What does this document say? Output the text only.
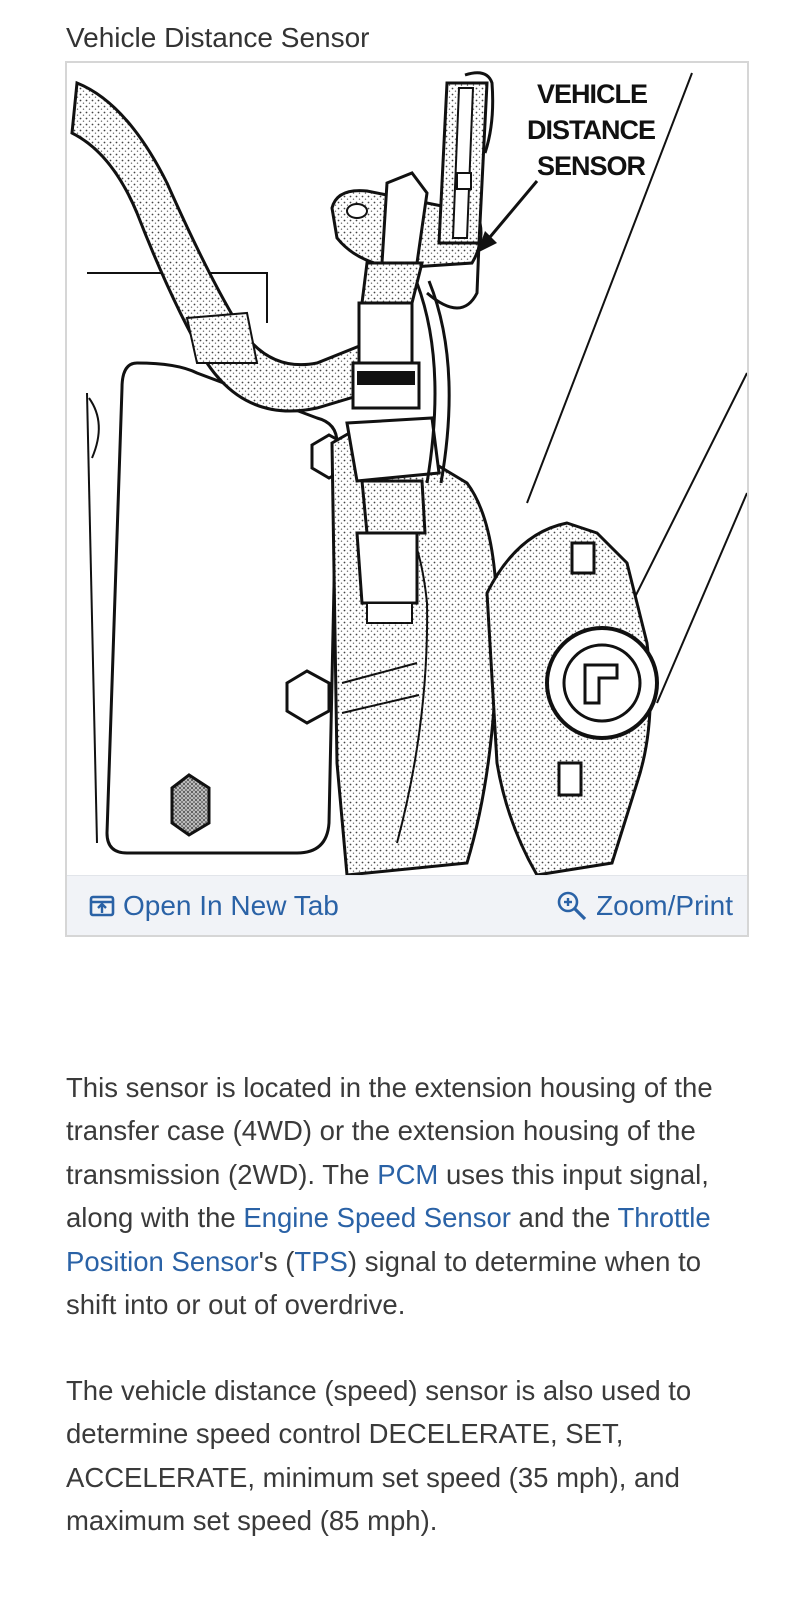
Vehicle Distance Sensor
VEHICLE
DISTANCE
SENSOR
Open In New Tab	Zoom/Print
This sensor is located in the extension housing of the transfer case (4WD) or the extension housing of the transmission (2WD). The PCM uses this input signal, along with the Engine Speed Sensor and the Throttle Position Sensor's (TPS) signal to determine when to shift into or out of overdrive.
The vehicle distance (speed) sensor is also used to determine speed control DECELERATE, SET, ACCELERATE, minimum set speed (35 mph), and maximum set speed (85 mph).
